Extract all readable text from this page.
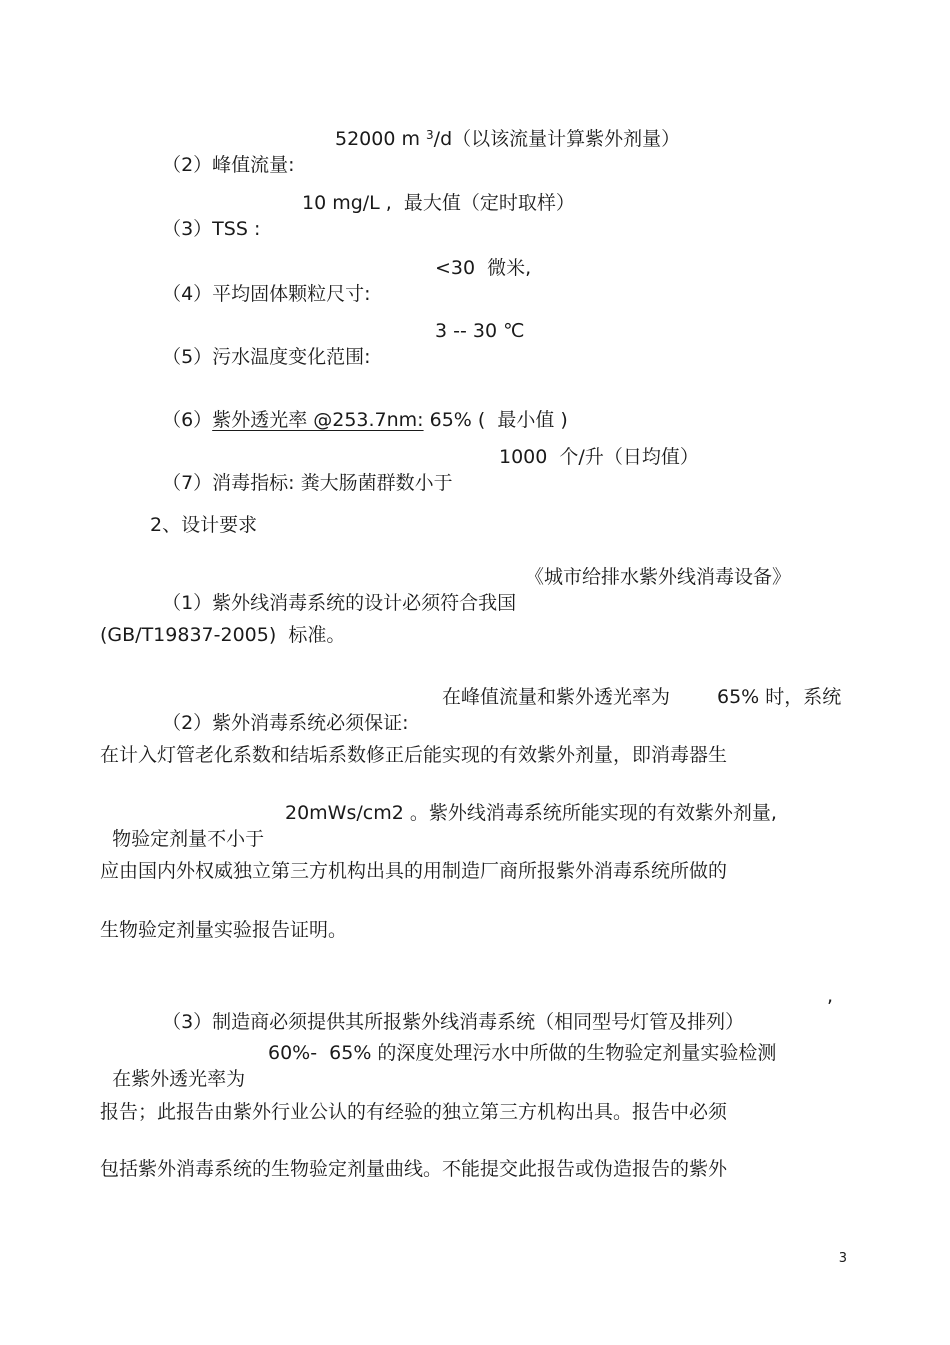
（2）峰值流量:
52000 m $^3$/d（以该流量计算紫外剂量）

（3）TSS :
10 mg/L ,  最大值（定时取样）

（4）平均固体颗粒尺寸:
<30  微米,

（5）污水温度变化范围:
3 -- 30 ℃

（6）紫外透光率 @253.7nm: 65% (  最小值 )

（7）消毒指标: 粪大肠菌群数小于
1000  个/升（日均值）

2、设计要求

（1）紫外线消毒系统的设计必须符合我国
《城市给排水紫外线消毒设备》

(GB/T19837-2005)  标准。

（2）紫外消毒系统必须保证:
在峰值流量和紫外透光率为 65% 时，系统

在计入灯管老化系数和结垢系数修正后能实现的有效紫外剂量，即消毒器生

物验定剂量不小于
20mWs/cm2 。紫外线消毒系统所能实现的有效紫外剂量,

应由国内外权威独立第三方机构出具的用制造厂商所报紫外消毒系统所做的
生物验定剂量实验报告证明。

（3）制造商必须提供其所报紫外线消毒系统（相同型号灯管及排列）
,

在紫外透光率为
60%-  65% 的深度处理污水中所做的生物验定剂量实验检测

报告；此报告由紫外行业公认的有经验的独立第三方机构出具。报告中必须
包括紫外消毒系统的生物验定剂量曲线。不能提交此报告或伪造报告的紫外
3
